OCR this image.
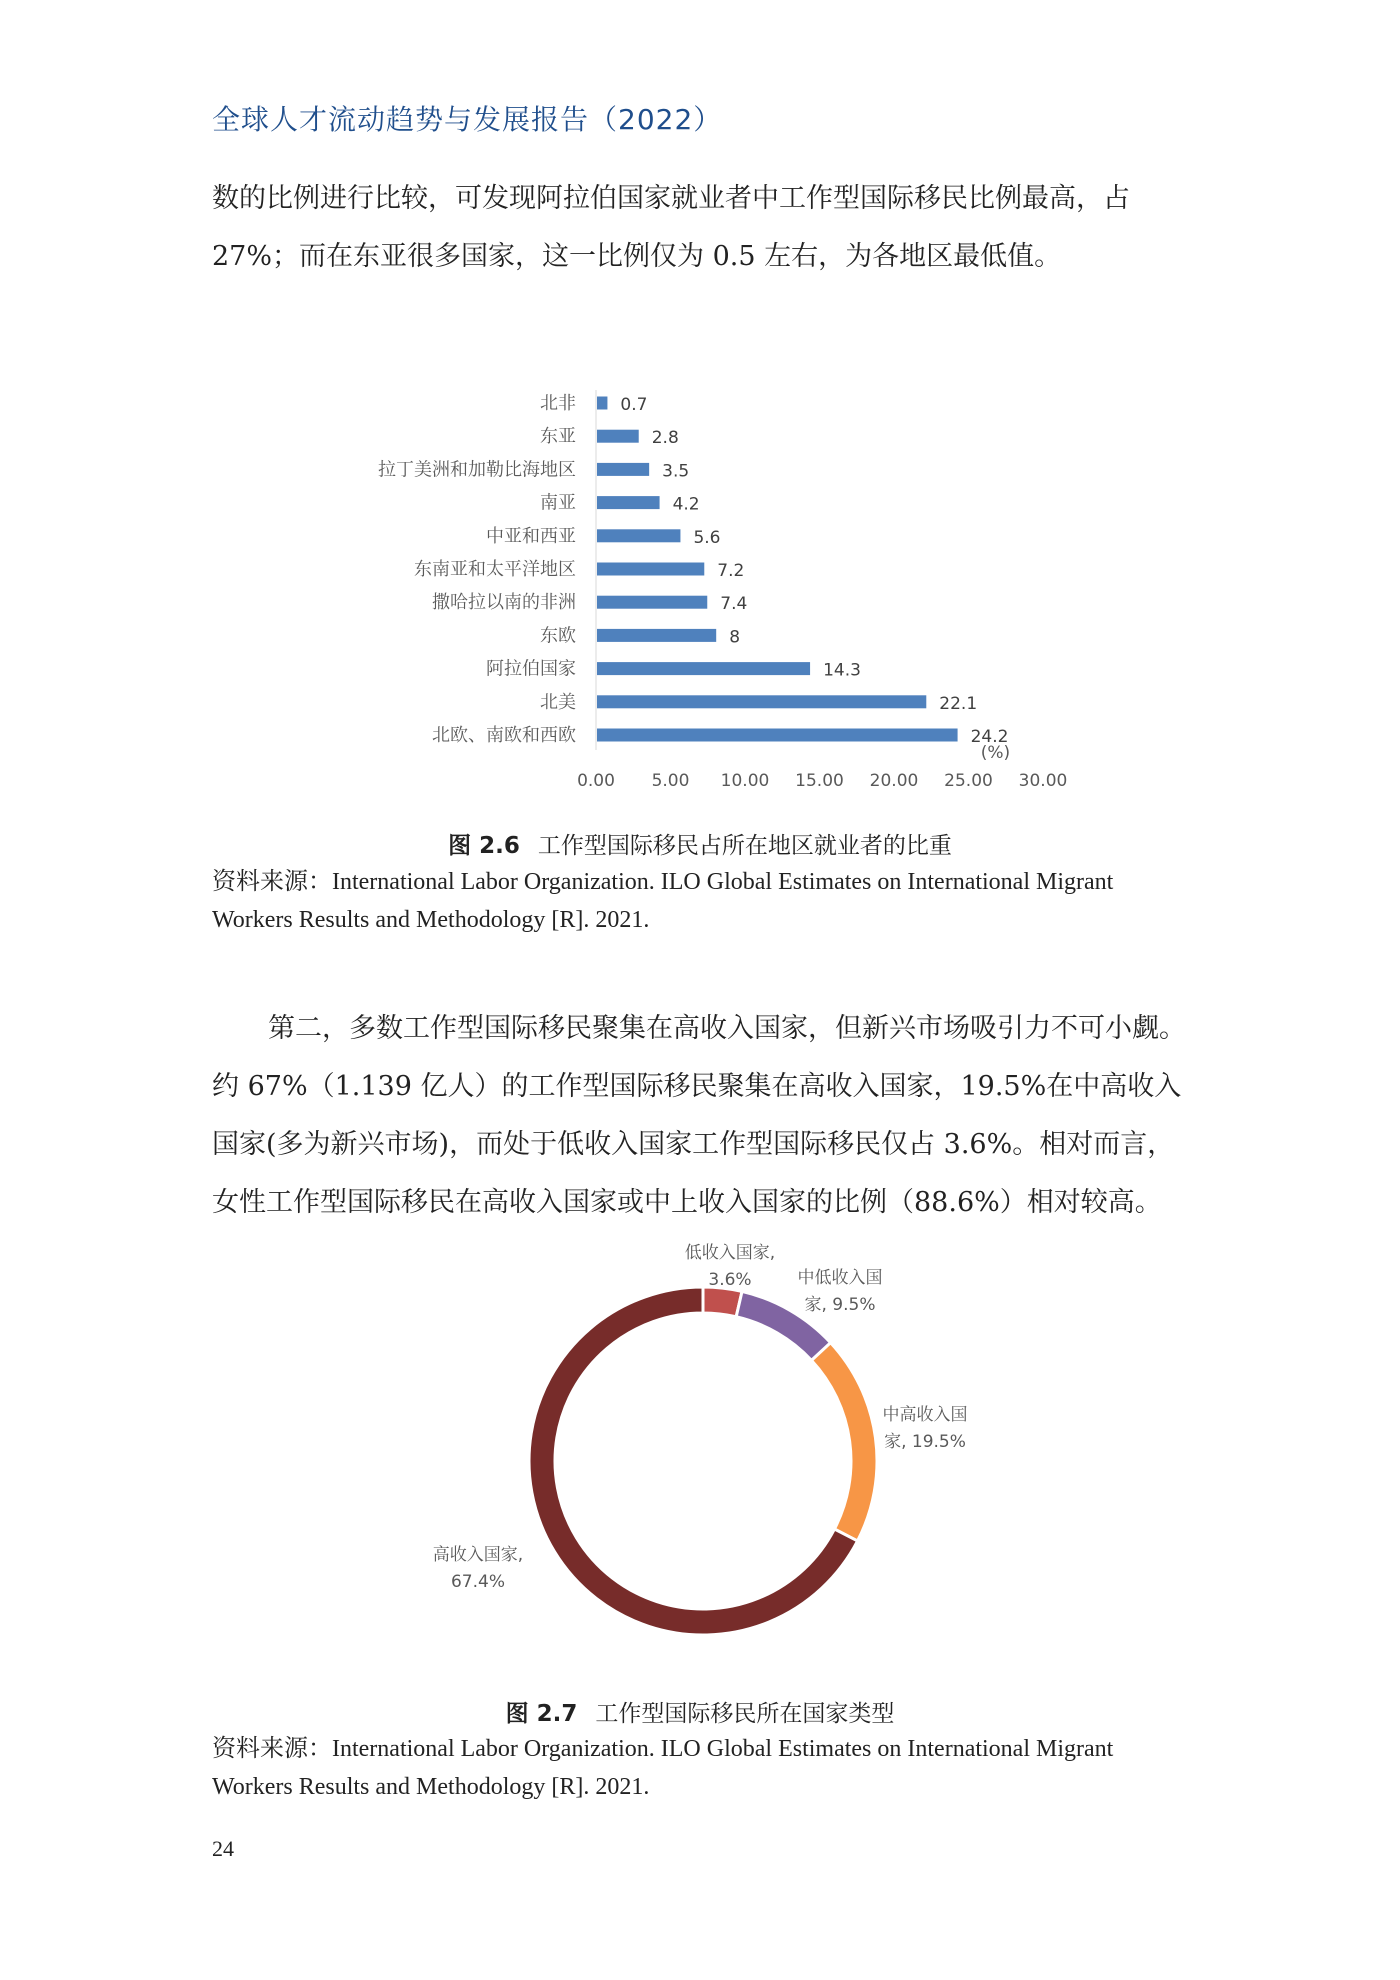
全球人才流动趋势与发展报告（2022）

数的比例进行比较，可发现阿拉伯国家就业者中工作型国际移民比例最高，占 27%；而在东亚很多国家，这一比例仅为 0.5 左右，为各地区最低值。

北非	0.7
东亚	2.8
拉丁美洲和加勒比海地区	3.5
南亚	4.2
中亚和西亚	5.6
东南亚和太平洋地区	7.2
撒哈拉以南的非洲	7.4
东欧	8
阿拉伯国家	14.3
北美	22.1
北欧、南欧和西欧	24.2
0.00 5.00 10.00 15.00 20.00 25.00 30.00
(%)
图 2.6 工作型国际移民占所在地区就业者的比重
资料来源：International Labor Organization. ILO Global Estimates on International Migrant Workers Results and Methodology [R]. 2021.

第二，多数工作型国际移民聚集在高收入国家，但新兴市场吸引力不可小觑。约 67%（1.139 亿人）的工作型国际移民聚集在高收入国家，19.5%在中高收入国家(多为新兴市场)，而处于低收入国家工作型国际移民仅占 3.6%。相对而言，女性工作型国际移民在高收入国家或中上收入国家的比例（88.6%）相对较高。

低收入国家,
3.6%	中低收入国
家, 9.5%
中高收入国
家, 19.5%
高收入国家,
67.4%
图 2.7 工作型国际移民所在国家类型
资料来源：International Labor Organization. ILO Global Estimates on International Migrant Workers Results and Methodology [R]. 2021.
24
